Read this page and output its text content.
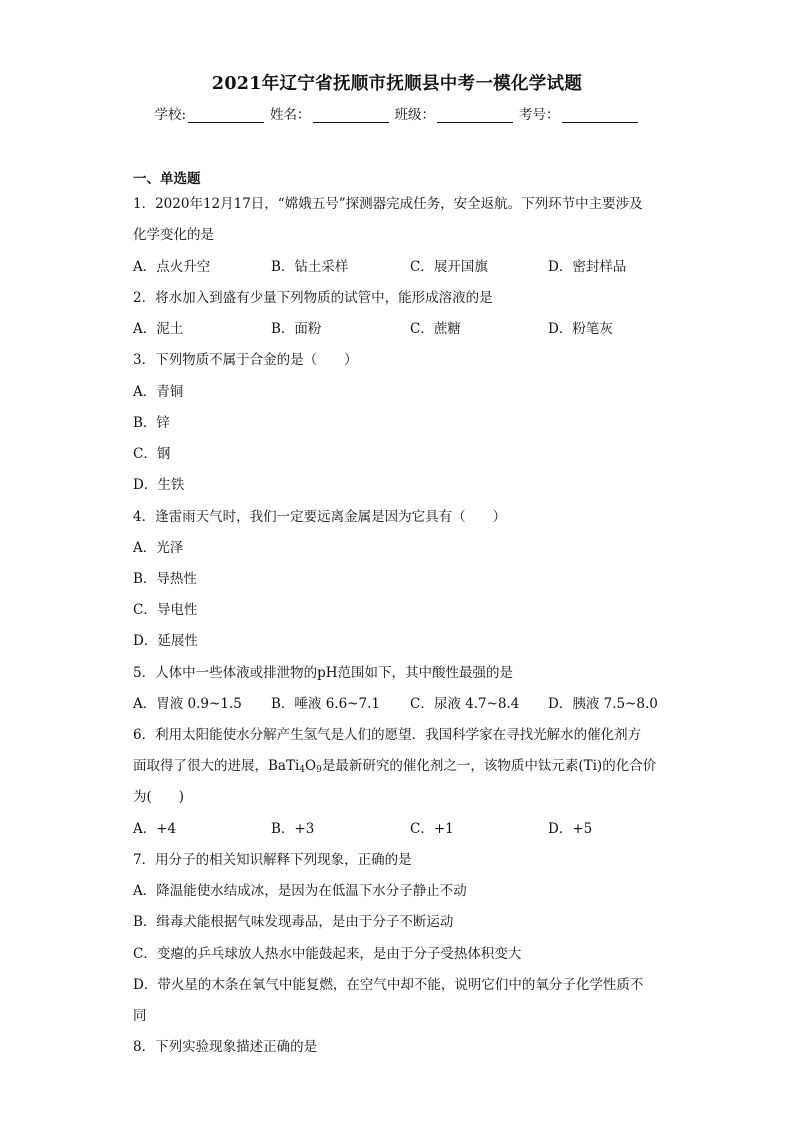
2021年辽宁省抚顺市抚顺县中考一模化学试题
学校:	姓名：	班级：	考号：
一、单选题
1．2020年12月17日，“嫦娥五号”探测器完成任务，安全返航。下列环节中主要涉及
化学变化的是
A．点火升空	B．钻土采样	C．展开国旗	D．密封样品
2．将水加入到盛有少量下列物质的试管中，能形成溶液的是
A．泥土	B．面粉	C．蔗糖	D．粉笔灰
3．下列物质不属于合金的是（　　）
A．青铜
B．锌
C．钢
D．生铁
4．逢雷雨天气时，我们一定要远离金属是因为它具有（　　）
A．光泽
B．导热性
C．导电性
D．延展性
5．人体中一些体液或排泄物的pH范围如下，其中酸性最强的是
A．胃液 0.9~1.5 B．唾液 6.6~7.1 C．尿液 4.7~8.4 D．胰液 7.5~8.0
6．利用太阳能使水分解产生氢气是人们的愿望．我国科学家在寻找光解水的催化剂方
面取得了很大的进展，$BaTi_4O_9$是最新研究的催化剂之一，该物质中钛元素(Ti)的化合价
为(　　)
A．+4	B．+3	C．+1	D．+5
7．用分子的相关知识解释下列现象，正确的是
A．降温能使水结成冰，是因为在低温下水分子静止不动
B．缉毒犬能根据气味发现毒品，是由于分子不断运动
C．变瘪的乒乓球放人热水中能鼓起来，是由于分子受热体积变大
D．带火星的木条在氧气中能复燃，在空气中却不能，说明它们中的氧分子化学性质不
同
8．下列实验现象描述正确的是
